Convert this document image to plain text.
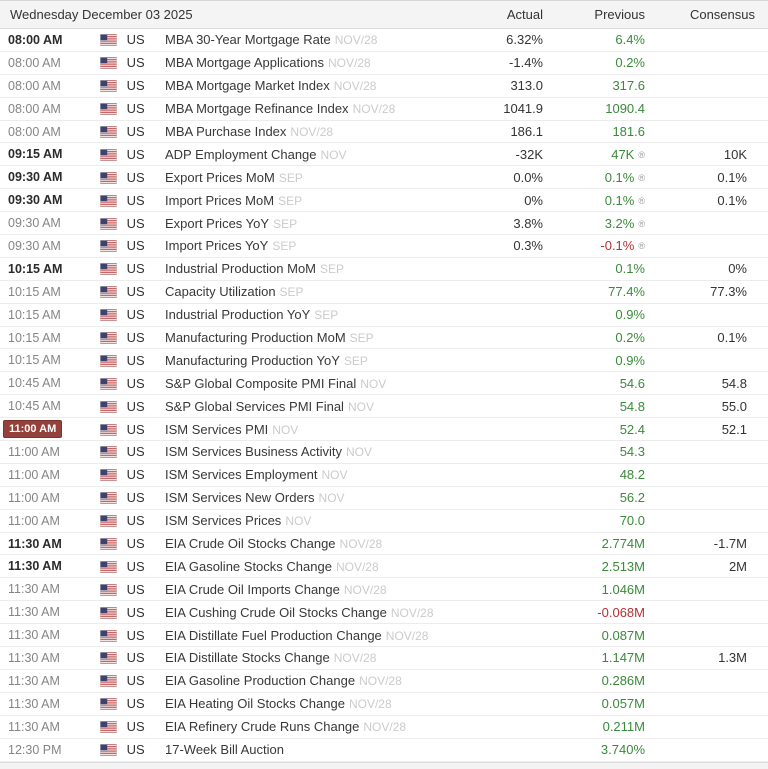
Wednesday December 03 2025			Actual	Previous	Consensus
08:00 AM	US	MBA 30-Year Mortgage Rate NOV/28	6.32%	6.4%	
08:00 AM	US	MBA Mortgage Applications NOV/28	-1.4%	0.2%	
08:00 AM	US	MBA Mortgage Market Index NOV/28	313.0	317.6	
08:00 AM	US	MBA Mortgage Refinance Index NOV/28	1041.9	1090.4	
08:00 AM	US	MBA Purchase Index NOV/28	186.1	181.6	
09:15 AM	US	ADP Employment Change NOV	-32K	47K ®	10K
09:30 AM	US	Export Prices MoM SEP	0.0%	0.1% ®	0.1%
09:30 AM	US	Import Prices MoM SEP	0%	0.1% ®	0.1%
09:30 AM	US	Export Prices YoY SEP	3.8%	3.2% ®	
09:30 AM	US	Import Prices YoY SEP	0.3%	-0.1% ®	
10:15 AM	US	Industrial Production MoM SEP		0.1%	0%
10:15 AM	US	Capacity Utilization SEP		77.4%	77.3%
10:15 AM	US	Industrial Production YoY SEP		0.9%	
10:15 AM	US	Manufacturing Production MoM SEP		0.2%	0.1%
10:15 AM	US	Manufacturing Production YoY SEP		0.9%	
10:45 AM	US	S&P Global Composite PMI Final NOV		54.6	54.8
10:45 AM	US	S&P Global Services PMI Final NOV		54.8	55.0
11:00 AM	US	ISM Services PMI NOV		52.4	52.1
11:00 AM	US	ISM Services Business Activity NOV		54.3	
11:00 AM	US	ISM Services Employment NOV		48.2	
11:00 AM	US	ISM Services New Orders NOV		56.2	
11:00 AM	US	ISM Services Prices NOV		70.0	
11:30 AM	US	EIA Crude Oil Stocks Change NOV/28		2.774M	-1.7M
11:30 AM	US	EIA Gasoline Stocks Change NOV/28		2.513M	2M
11:30 AM	US	EIA Crude Oil Imports Change NOV/28		1.046M	
11:30 AM	US	EIA Cushing Crude Oil Stocks Change NOV/28		-0.068M	
11:30 AM	US	EIA Distillate Fuel Production Change NOV/28		0.087M	
11:30 AM	US	EIA Distillate Stocks Change NOV/28		1.147M	1.3M
11:30 AM	US	EIA Gasoline Production Change NOV/28		0.286M	
11:30 AM	US	EIA Heating Oil Stocks Change NOV/28		0.057M	
11:30 AM	US	EIA Refinery Crude Runs Change NOV/28		0.211M	
12:30 PM	US	17-Week Bill Auction		3.740%	
